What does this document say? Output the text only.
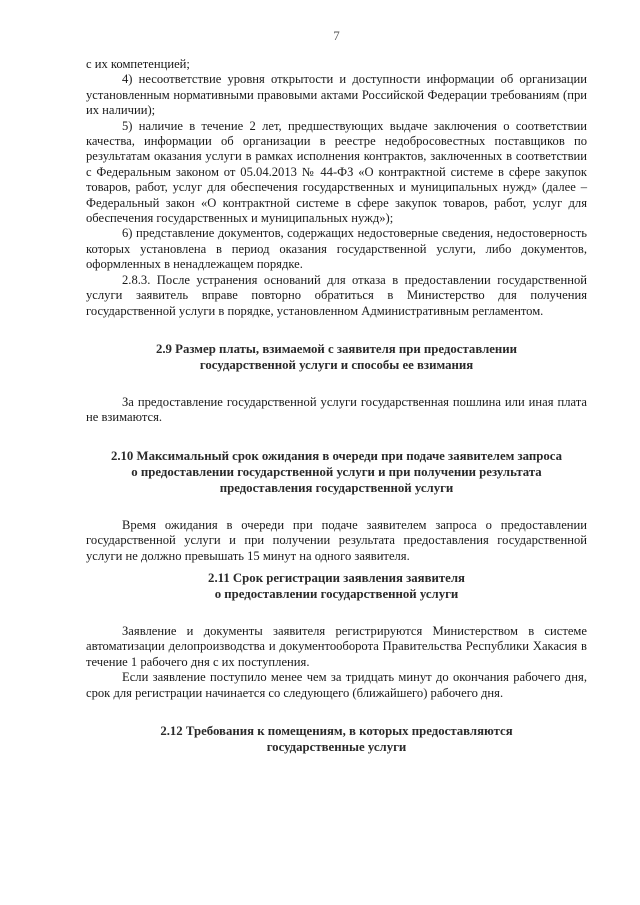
7

с их компетенцией;

4) несоответствие уровня открытости и доступности информации об организации установленным нормативными правовыми актами Российской Федерации требованиям (при их наличии);

5) наличие в течение 2 лет, предшествующих выдаче заключения о соответствии качества, информации об организации в реестре недобросовестных поставщиков по результатам оказания услуги в рамках исполнения контрактов, заключенных в соответствии с Федеральным законом от 05.04.2013 № 44-ФЗ «О контрактной системе в сфере закупок товаров, работ, услуг для обеспечения государственных и муниципальных нужд» (далее – Федеральный закон «О контрактной системе в сфере закупок товаров, работ, услуг для обеспечения государственных и муниципальных нужд»);

6) представление документов, содержащих недостоверные сведения, недостоверность которых установлена в период оказания государственной услуги, либо документов, оформленных в ненадлежащем порядке.

2.8.3. После устранения оснований для отказа в предоставлении государственной услуги заявитель вправе повторно обратиться в Министерство для получения государственной услуги в порядке, установленном Административным регламентом.

2.9 Размер платы, взимаемой с заявителя при предоставлении
государственной услуги и способы ее взимания

За предоставление государственной услуги государственная пошлина или иная плата не взимаются.

2.10 Максимальный срок ожидания в очереди при подаче заявителем запроса
о предоставлении государственной услуги и при получении результата
предоставления государственной услуги

Время ожидания в очереди при подаче заявителем запроса о предоставлении государственной услуги и при получении результата предоставления государственной услуги не должно превышать 15 минут на одного заявителя.

2.11 Срок регистрации заявления заявителя
о предоставлении государственной услуги

Заявление и документы заявителя регистрируются Министерством в системе автоматизации делопроизводства и документооборота Правительства Республики Хакасия в течение 1 рабочего дня с их поступления.

Если заявление поступило менее чем за тридцать минут до окончания рабочего дня, срок для регистрации начинается со следующего (ближайшего) рабочего дня.

2.12 Требования к помещениям, в которых предоставляются
государственные услуги
